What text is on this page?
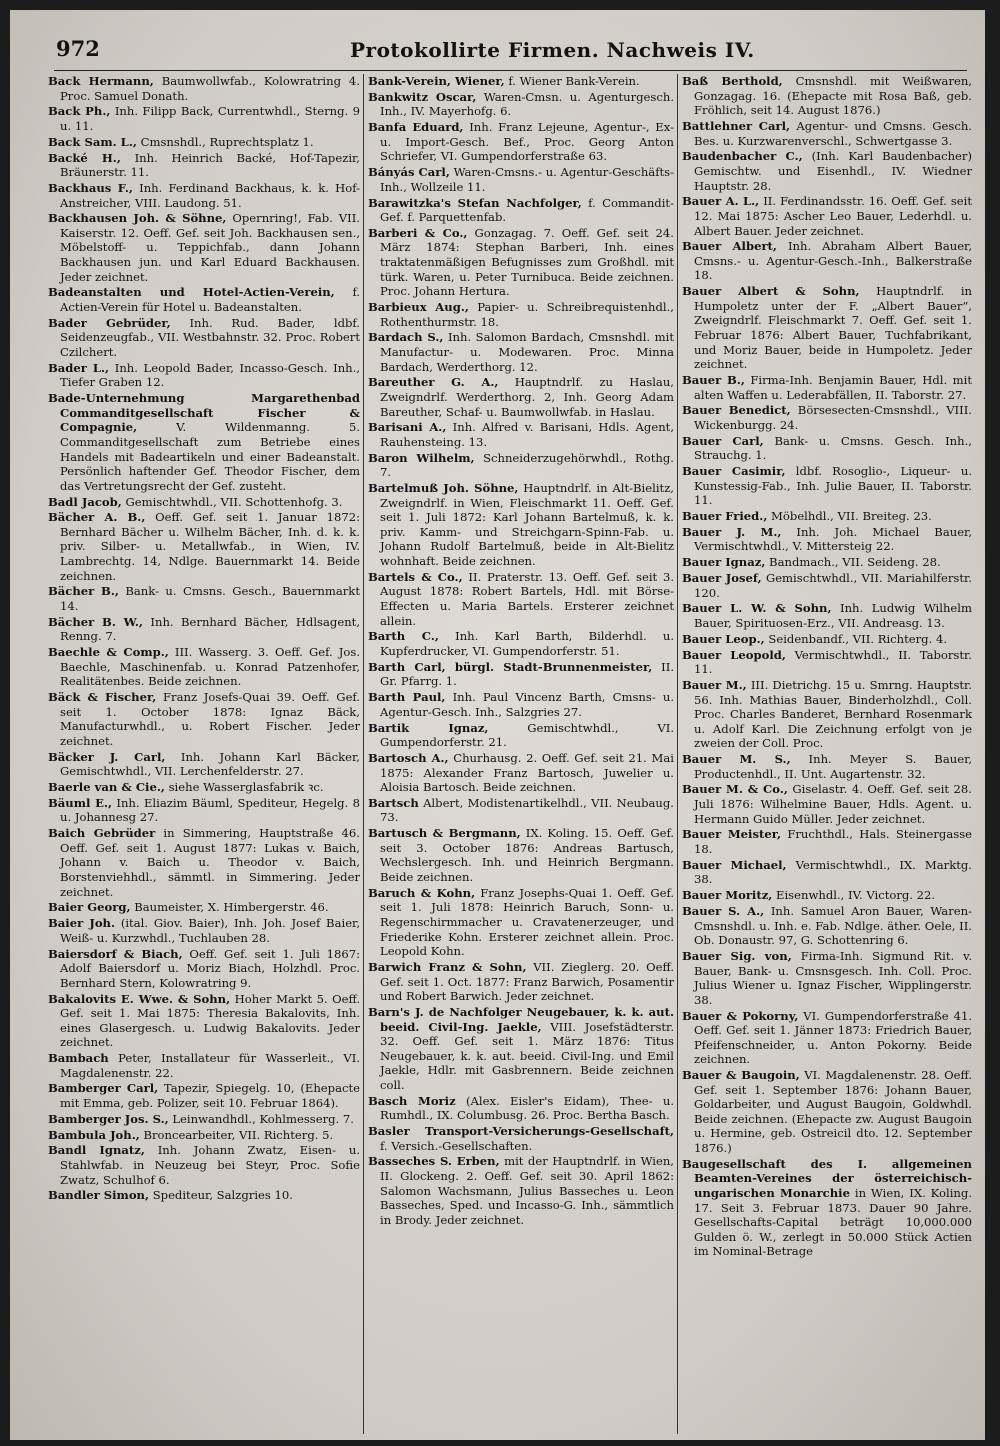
972	Protokollirte Firmen. Nachweis IV.
Back Hermann, Baumwollwfab., Kolowratring 4. Proc. Samuel Donath.
Back Ph., Inh. Filipp Back, Currentwhdl., Sterng. 9 u. 11.
Back Sam. L., Cmsnshdl., Ruprechtsplatz 1.
Backé H., Inh. Heinrich Backé, Hof-Tapezir, Bräunerstr. 11.
Backhaus F., Inh. Ferdinand Backhaus, k. k. Hof-Anstreicher, VIII. Laudong. 51.
Backhausen Joh. & Söhne, Opernring!, Fab. VII. Kaiserstr. 12. Oeff. Gef. seit Joh. Backhausen sen., Möbelstoff- u. Teppichfab., dann Johann Backhausen jun. und Karl Eduard Backhausen. Jeder zeichnet.
Badeanstalten und Hotel-Actien-Verein, f. Actien-Verein für Hotel u. Badeanstalten.
Bader Gebrüder, Inh. Rud. Bader, ldbf. Seidenzeugfab., VII. Westbahnstr. 32. Proc. Robert Czilchert.
Bader L., Inh. Leopold Bader, Incasso-Gesch. Inh., Tiefer Graben 12.
Bade-Unternehmung Margarethenbad Commanditgesellschaft Fischer & Compagnie,	V. Wildenmanng. 5. Commanditgesellschaft zum Betriebe eines Handels mit Badeartikeln und einer Badeanstalt. Persönlich haftender Gef. Theodor Fischer, dem das Vertretungsrecht der Gef. zusteht.
Badl Jacob, Gemischtwhdl., VII. Schottenhofg. 3.
Bächer A. B., Oeff. Gef. seit 1. Januar 1872: Bernhard Bächer u. Wilhelm Bächer, Inh. d. k. k. priv. Silber- u. Metallwfab., in Wien, IV. Lambrechtg. 14, Ndlge. Bauernmarkt 14. Beide zeichnen.
Bächer B., Bank- u. Cmsns. Gesch., Bauernmarkt 14.
Bächer B. W., Inh. Bernhard Bächer, Hdlsagent, Renng. 7.
Baechle & Comp., III. Wasserg. 3. Oeff. Gef. Jos. Baechle, Maschinenfab. u. Konrad Patzenhofer, Realitätenbes. Beide zeichnen.
Bäck & Fischer, Franz Josefs-Quai 39. Oeff. Gef. seit 1. October 1878: Ignaz Bäck, Manufacturwhdl., u. Robert Fischer. Jeder zeichnet.
Bäcker J. Carl, Inh. Johann Karl Bäcker, Gemischtwhdl., VII. Lerchenfelderstr. 27.
Baerle van & Cie., siehe Wasserglasfabrik ꝛc.
Bäuml E., Inh. Eliazim Bäuml, Spediteur, Hegelg. 8 u. Johannesg 27.
Baich Gebrüder in Simmering, Hauptstraße 46. Oeff. Gef. seit 1. August 1877: Lukas v. Baich, Johann v. Baich u. Theodor v. Baich, Borstenviehhdl., sämmtl. in Simmering. Jeder zeichnet.
Baier Georg, Baumeister, X. Himbergerstr. 46.
Baier Joh. (ital. Giov. Baier), Inh. Joh. Josef Baier, Weiß- u. Kurzwhdl., Tuchlauben 28.
Baiersdorf & Biach, Oeff. Gef. seit 1. Juli 1867: Adolf Baiersdorf u. Moriz Biach, Holzhdl. Proc. Bernhard Stern, Kolowratring 9.
Bakalovits E. Wwe. & Sohn, Hoher Markt 5. Oeff. Gef. seit 1. Mai 1875: Theresia Bakalovits, Inh. eines Glasergesch. u. Ludwig Bakalovits. Jeder zeichnet.
Bambach Peter, Installateur für Wasserleit., VI. Magdalenenstr. 22.
Bamberger Carl, Tapezir, Spiegelg. 10, (Ehepacte mit Emma, geb. Polizer, seit 10. Februar 1864).
Bamberger Jos. S., Leinwandhdl., Kohlmesserg. 7.
Bambula Joh., Broncearbeiter, VII. Richterg. 5.
Bandl Ignatz, Inh. Johann Zwatz, Eisen- u. Stahlwfab. in Neuzeug bei Steyr, Proc. Sofie Zwatz, Schulhof 6.
Bandler Simon, Spediteur, Salzgries 10.
Bank-Verein, Wiener, f. Wiener Bank-Verein.
Bankwitz Oscar, Waren-Cmsn. u. Agenturgesch. Inh., IV. Mayerhofg. 6.
Banfa Eduard, Inh. Franz Lejeune, Agentur-, Ex- u. Import-Gesch. Bef., Proc. Georg Anton Schriefer, VI. Gumpendorferstraße 63.
Bányás Carl, Waren-Cmsns.- u. Agentur-Geschäfts-Inh., Wollzeile 11.
Barawitzka's Stefan Nachfolger, f. Commandit-Gef. f. Parquettenfab.
Barberi & Co., Gonzagag. 7. Oeff. Gef. seit 24. März 1874: Stephan Barberi, Inh. eines traktatenmäßigen Befugnisses zum Großhdl. mit türk. Waren, u. Peter Turnibuca. Beide zeichnen. Proc. Johann Hertura.
Barbieux Aug., Papier- u. Schreibrequistenhdl., Rothenthurmstr. 18.
Bardach S., Inh. Salomon Bardach, Cmsnshdl. mit Manufactur- u. Modewaren. Proc. Minna Bardach, Werderthorg. 12.
Bareuther G. A., Hauptndrlf. zu Haslau, Zweigndrlf. Werderthorg. 2, Inh. Georg Adam Bareuther, Schaf- u. Baumwollwfab. in Haslau.
Barisani A., Inh. Alfred v. Barisani, Hdls. Agent, Rauhensteing. 13.
Baron Wilhelm, Schneiderzugehörwhdl., Rothg. 7.
Bartelmuß Joh. Söhne, Hauptndrlf. in Alt-Bielitz, Zweigndrlf. in Wien, Fleischmarkt 11. Oeff. Gef. seit 1. Juli 1872: Karl Johann Bartelmuß, k. k. priv. Kamm- und Streichgarn-Spinn-Fab. u. Johann Rudolf Bartelmuß, beide in Alt-Bielitz wohnhaft. Beide zeichnen.
Bartels & Co., II. Praterstr. 13. Oeff. Gef. seit 3. August 1878: Robert Bartels, Hdl. mit Börse-Effecten u. Maria Bartels. Ersterer zeichnet allein.
Barth C., Inh. Karl Barth, Bilderhdl. u. Kupferdrucker, VI. Gumpendorferstr. 51.
Barth Carl, bürgl. Stadt-Brunnenmeister, II. Gr. Pfarrg. 1.
Barth Paul, Inh. Paul Vincenz Barth, Cmsns- u. Agentur-Gesch. Inh., Salzgries 27.
Bartik Ignaz,	Gemischtwhdl., VI. Gumpendorferstr. 21.
Bartosch A., Churhausg. 2. Oeff. Gef. seit 21. Mai 1875: Alexander Franz Bartosch, Juwelier u. Aloisia Bartosch. Beide zeichnen.
Bartsch Albert, Modistenartikelhdl., VII. Neubaug. 73.
Bartusch & Bergmann, IX. Koling. 15. Oeff. Gef. seit 3. October 1876: Andreas Bartusch, Wechslergesch. Inh. und Heinrich Bergmann. Beide zeichnen.
Baruch & Kohn, Franz Josephs-Quai 1. Oeff. Gef. seit 1. Juli 1878: Heinrich Baruch, Sonn- u. Regenschirmmacher u. Cravatenerzeuger, und Friederike Kohn. Ersterer zeichnet allein. Proc. Leopold Kohn.
Barwich Franz & Sohn, VII. Zieglerg. 20. Oeff. Gef. seit 1. Oct. 1877: Franz Barwich, Posamentir und Robert Barwich. Jeder zeichnet.
Barn's J. de Nachfolger Neugebauer, k. k. aut. beeid. Civil-Ing. Jaekle, VIII. Josefstädterstr. 32. Oeff. Gef. seit 1. März 1876: Titus Neugebauer, k. k. aut. beeid. Civil-Ing. und Emil Jaekle, Hdlr. mit Gasbrennern. Beide zeichnen coll.
Basch Moriz (Alex. Eisler's Eidam), Thee- u. Rumhdl., IX. Columbusg. 26. Proc. Bertha Basch.
Basler Transport-Versicherungs-Gesellschaft, f. Versich.-Gesellschaften.
Basseches S. Erben, mit der Hauptndrlf. in Wien, II. Glockeng. 2. Oeff. Gef. seit 30. April 1862: Salomon Wachsmann, Julius Basseches u. Leon Basseches, Sped. und Incasso-G. Inh., sämmtlich in Brody. Jeder zeichnet.
Baß Berthold, Cmsnshdl. mit Weißwaren, Gonzagag. 16. (Ehepacte mit Rosa Baß, geb. Fröhlich, seit 14. August 1876.)
Battlehner Carl, Agentur- und Cmsns. Gesch. Bes. u. Kurzwarenverschl., Schwertgasse 3.
Baudenbacher C., (Inh. Karl Baudenbacher) Gemischtw. und Eisenhdl., IV. Wiedner Hauptstr. 28.
Bauer A. L., II. Ferdinandsstr. 16. Oeff. Gef. seit 12. Mai 1875: Ascher Leo Bauer, Lederhdl. u. Albert Bauer. Jeder zeichnet.
Bauer Albert, Inh. Abraham Albert Bauer, Cmsns.- u. Agentur-Gesch.-Inh., Balkerstraße 18.
Bauer Albert & Sohn, Hauptndrlf. in Humpoletz unter der F. „Albert Bauer“, Zweigndrlf. Fleischmarkt 7. Oeff. Gef. seit 1. Februar 1876: Albert Bauer, Tuchfabrikant, und Moriz Bauer, beide in Humpoletz. Jeder zeichnet.
Bauer B., Firma-Inh. Benjamin Bauer, Hdl. mit alten Waffen u. Lederabfällen, II. Taborstr. 27.
Bauer Benedict, Börsesecten-Cmsnshdl., VIII. Wickenburgg. 24.
Bauer Carl, Bank- u. Cmsns. Gesch. Inh., Strauchg. 1.
Bauer Casimir, ldbf. Rosoglio-, Liqueur- u. Kunstessig-Fab., Inh. Julie Bauer, II. Taborstr. 11.
Bauer Fried., Möbelhdl., VII. Breiteg. 23.
Bauer J. M., Inh. Joh. Michael Bauer, Vermischtwhdl., V. Mittersteig 22.
Bauer Ignaz, Bandmach., VII. Seideng. 28.
Bauer Josef, Gemischtwhdl., VII. Mariahilferstr. 120.
Bauer L. W. & Sohn, Inh. Ludwig Wilhelm Bauer, Spirituosen-Erz., VII. Andreasg. 13.
Bauer Leop., Seidenbandf., VII. Richterg. 4.
Bauer Leopold, Vermischtwhdl., II. Taborstr. 11.
Bauer M., III. Dietrichg. 15 u. Smrng. Hauptstr. 56. Inh. Mathias Bauer, Binderholzhdl., Coll. Proc. Charles Banderet, Bernhard Rosenmark u. Adolf Karl. Die Zeichnung erfolgt von je zweien der Coll. Proc.
Bauer M. S., Inh. Meyer S. Bauer, Productenhdl., II. Unt. Augartenstr. 32.
Bauer M. & Co., Giselastr. 4. Oeff. Gef. seit 28. Juli 1876: Wilhelmine Bauer, Hdls. Agent. u. Hermann Guido Müller. Jeder zeichnet.
Bauer Meister, Fruchthdl., Hals. Steinergasse 18.
Bauer Michael, Vermischtwhdl., IX. Marktg. 38.
Bauer Moritz, Eisenwhdl., IV. Victorg. 22.
Bauer S. A., Inh. Samuel Aron Bauer, Waren-Cmsnshdl. u. Inh. e. Fab. Ndlge. äther. Oele, II. Ob. Donaustr. 97, G. Schottenring 6.
Bauer Sig. von, Firma-Inh. Sigmund Rit. v. Bauer, Bank- u. Cmsnsgesch. Inh. Coll. Proc. Julius Wiener u. Ignaz Fischer, Wipplingerstr. 38.
Bauer & Pokorny, VI. Gumpendorferstraße 41. Oeff. Gef. seit 1. Jänner 1873: Friedrich Bauer, Pfeifenschneider, u. Anton Pokorny. Beide zeichnen.
Bauer & Baugoin, VI. Magdalenenstr. 28. Oeff. Gef. seit 1. September 1876: Johann Bauer, Goldarbeiter, und August Baugoin, Goldwhdl. Beide zeichnen. (Ehepacte zw. August Baugoin u. Hermine, geb. Ostreicil dto. 12. September 1876.)
Baugesellschaft des I. allgemeinen Beamten-Vereines der österreichisch-ungarischen Monarchie in Wien, IX. Koling. 17. Seit 3. Februar 1873. Dauer 90 Jahre. Gesellschafts-Capital beträgt 10,000.000 Gulden ö. W., zerlegt in 50.000 Stück Actien im Nominal-Betrage
